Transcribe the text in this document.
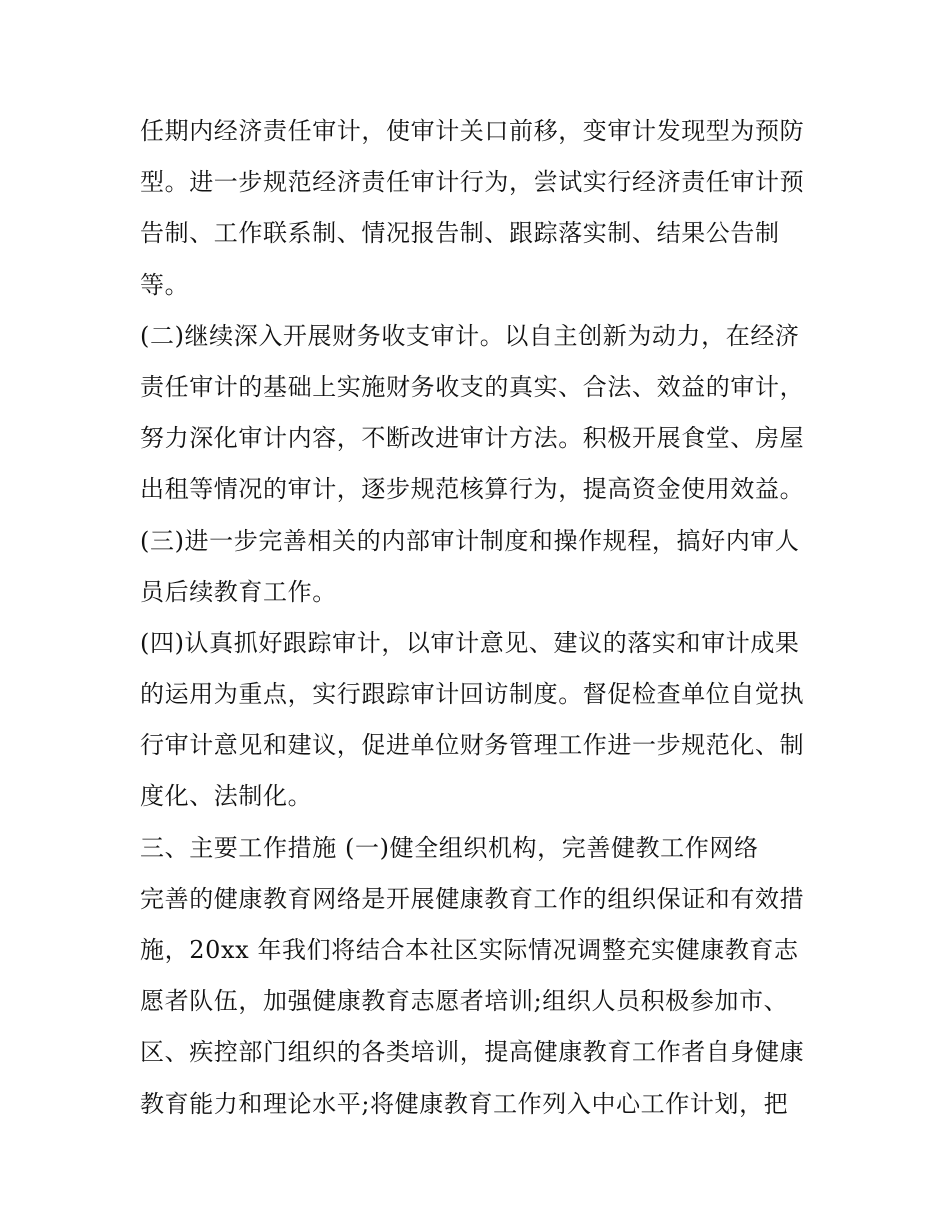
任期内经济责任审计，使审计关口前移，变审计发现型为预防
型。进一步规范经济责任审计行为，尝试实行经济责任审计预
告制、工作联系制、情况报告制、跟踪落实制、结果公告制
等。
(二)继续深入开展财务收支审计。以自主创新为动力，在经济
责任审计的基础上实施财务收支的真实、合法、效益的审计，
努力深化审计内容，不断改进审计方法。积极开展食堂、房屋
出租等情况的审计，逐步规范核算行为，提高资金使用效益。
(三)进一步完善相关的内部审计制度和操作规程，搞好内审人
员后续教育工作。
(四)认真抓好跟踪审计，以审计意见、建议的落实和审计成果
的运用为重点，实行跟踪审计回访制度。督促检查单位自觉执
行审计意见和建议，促进单位财务管理工作进一步规范化、制
度化、法制化。
三、主要工作措施 (一)健全组织机构，完善健教工作网络
完善的健康教育网络是开展健康教育工作的组织保证和有效措
施，20xx 年我们将结合本社区实际情况调整充实健康教育志
愿者队伍，加强健康教育志愿者培训;组织人员积极参加市、
区、疾控部门组织的各类培训，提高健康教育工作者自身健康
教育能力和理论水平;将健康教育工作列入中心工作计划，把
